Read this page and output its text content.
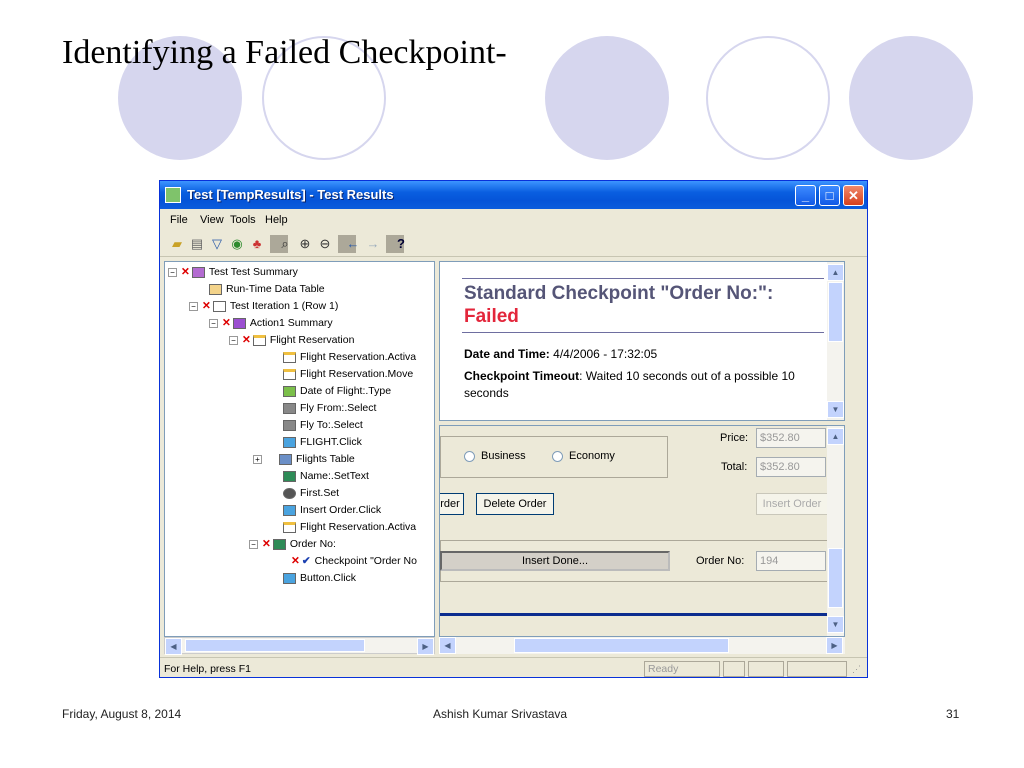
Identifying a Failed Checkpoint-
Test [TempResults] - Test Results	_	□	✕
File View Tools Help
▰ ▤ ▽ ◉ ♣	⌕ ⊕ ⊖ ← →	?
− ✕ Test Test Summary
Run-Time Data Table
− ✕ Test Iteration 1 (Row 1)
− ✕ Action1 Summary
− ✕ Flight Reservation
Flight Reservation.Activa
Flight Reservation.Move
Date of Flight:.Type
Fly From:.Select
Fly To:.Select
FLIGHT.Click
+	Flights Table
Name:.SetText
First.Set
Insert Order.Click
Flight Reservation.Activa
− ✕ Order No:
✕ ✔ Checkpoint "Order No
Button.Click
◀	▶
Standard Checkpoint "Order No:": Failed
Date and Time: 4/4/2006 - 17:32:05
Checkpoint Timeout: Waited 10 seconds out of a possible 10 seconds
▲
▼
Business	Economy
Price:	$352.80
Total:	$352.80
rder	Delete Order	Insert Order
Insert Done...	Order No:	194
▲
▼
◀	▶
For Help, press F1	Ready	⋰
Friday, August 8, 2014	Ashish Kumar Srivastava	31
